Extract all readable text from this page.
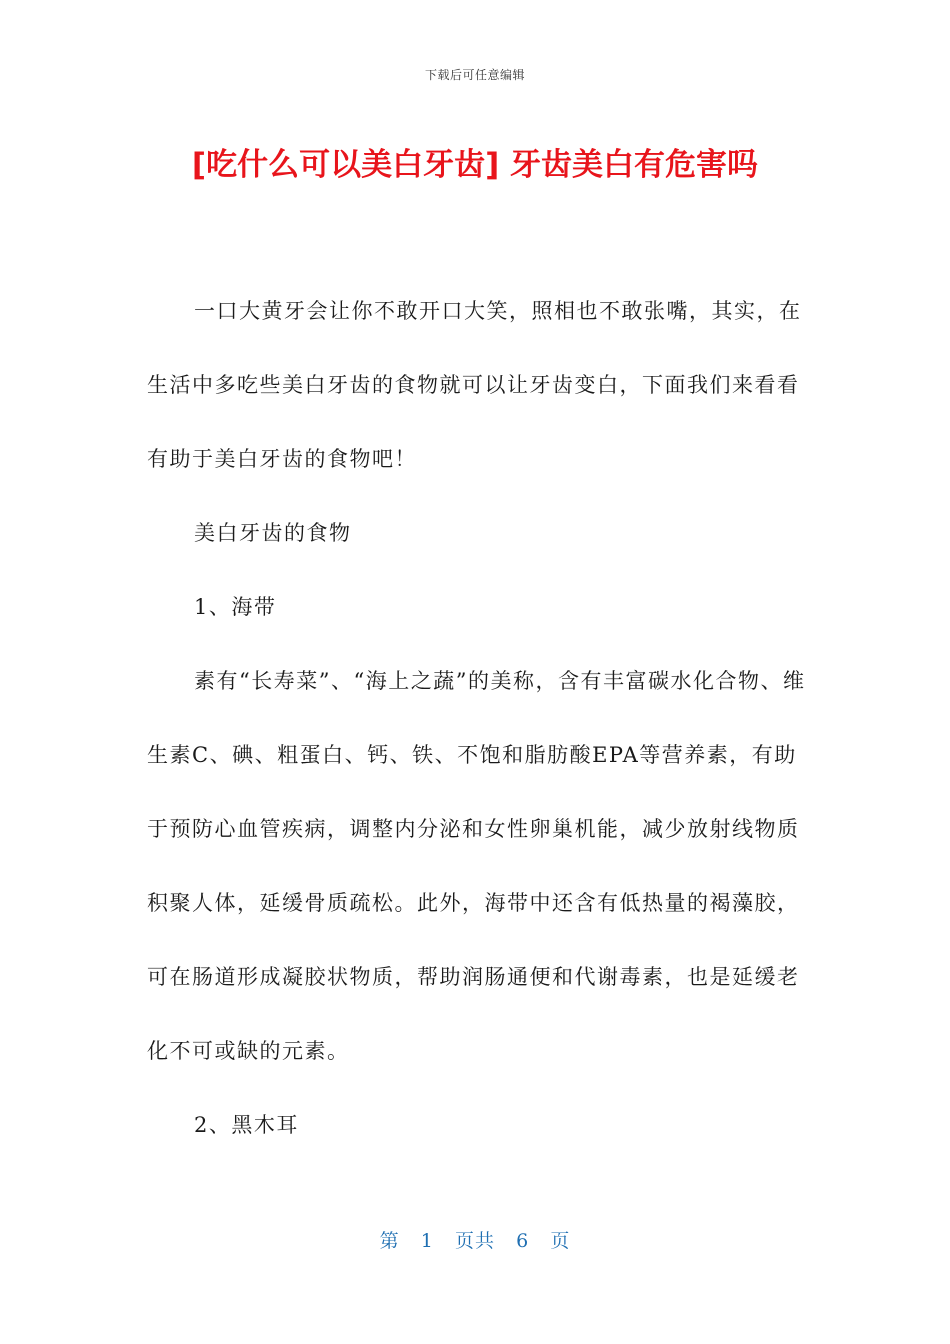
下载后可任意编辑
[吃什么可以美白牙齿] 牙齿美白有危害吗

一口大黄牙会让你不敢开口大笑，照相也不敢张嘴，其实，在生活中多吃些美白牙齿的食物就可以让牙齿变白，下面我们来看看有助于美白牙齿的食物吧！

美白牙齿的食物

1、海带

素有“长寿菜”、“海上之蔬”的美称，含有丰富碳水化合物、维生素C、碘、粗蛋白、钙、铁、不饱和脂肪酸EPA等营养素，有助于预防心血管疾病，调整内分泌和女性卵巢机能，减少放射线物质积聚人体，延缓骨质疏松。此外，海带中还含有低热量的褐藻胶，可在肠道形成凝胶状物质，帮助润肠通便和代谢毒素，也是延缓老化不可或缺的元素。

2、黑木耳

第 1 页共 6 页
